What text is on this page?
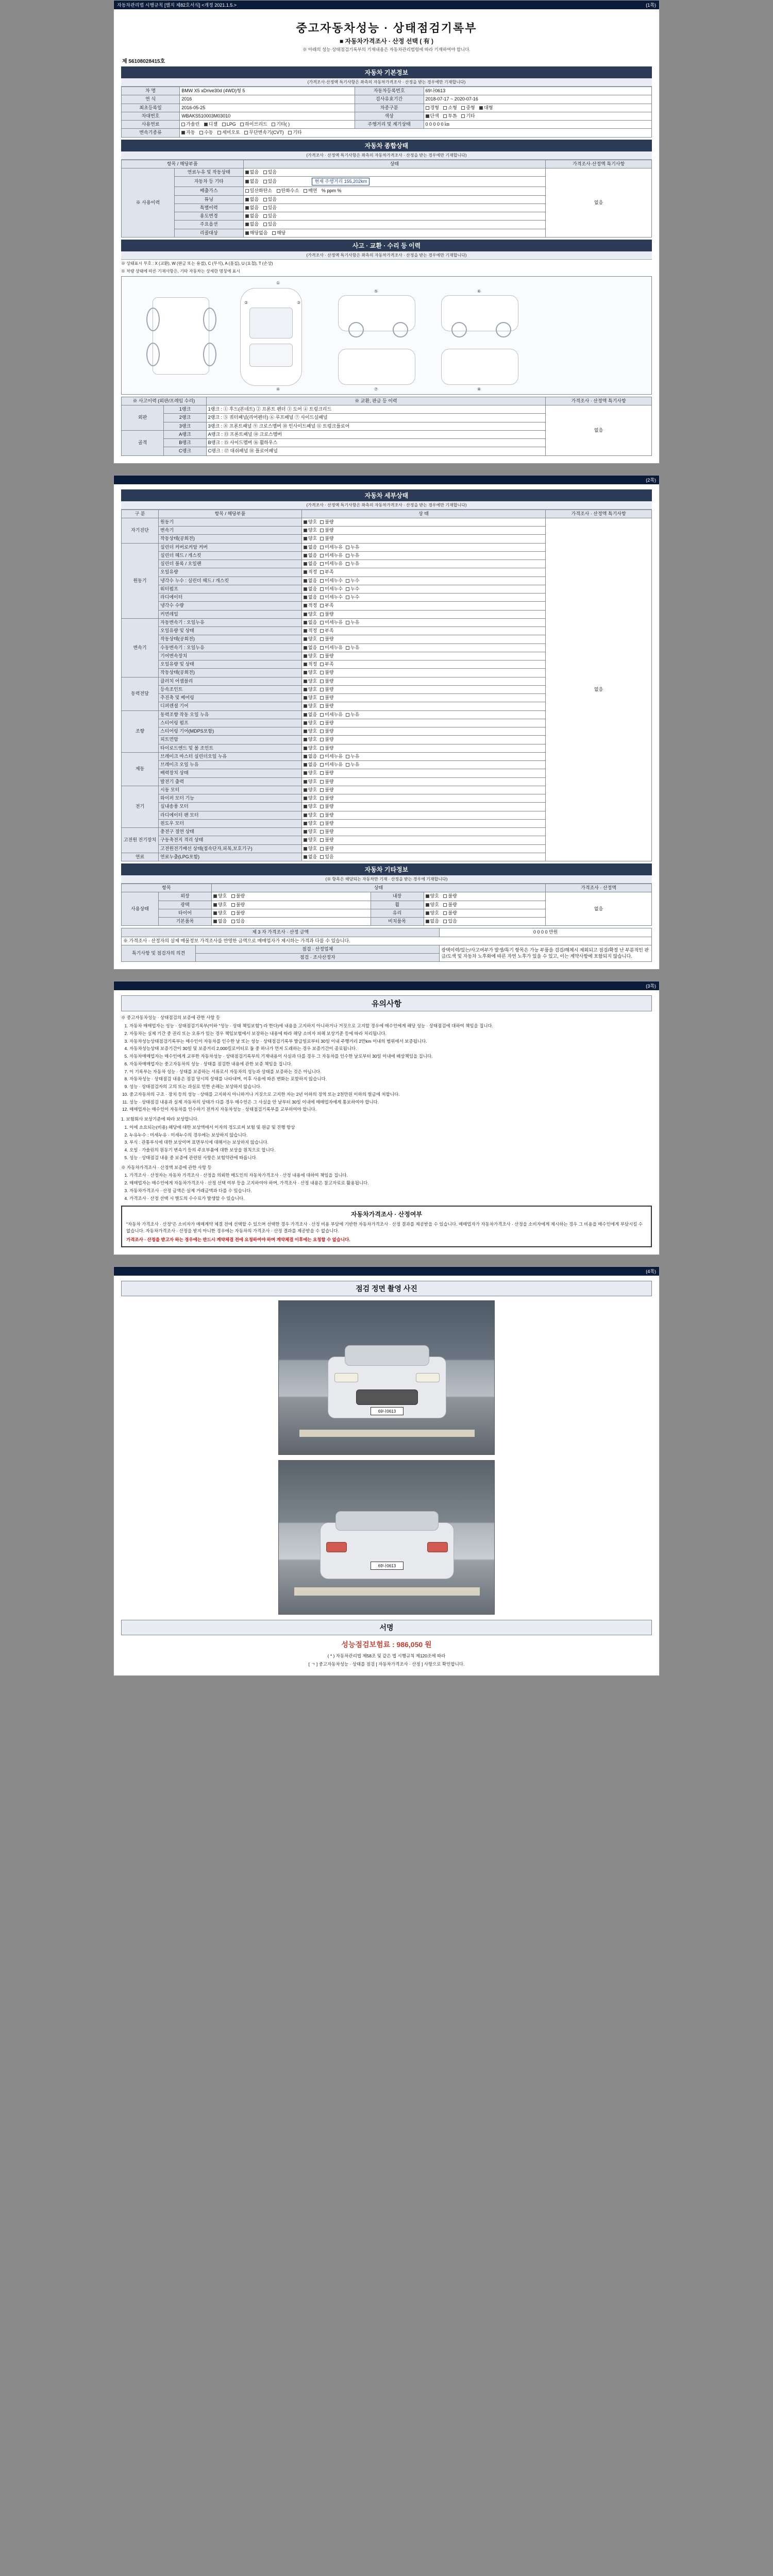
자동차관리법 시행규칙 [별지 제82호서식] <개정 2021.1.5.>	(1쪽)
중고자동차성능 · 상태점검기록부
■ 자동차가격조사 · 산정 선택 ( 有 )
※ 아래의 성능·상태점검기록부의 기재내용은 자동차관리법령에 따라 기재하여야 합니다.
제 56108028415호
자동차 기본정보
(가격조사·산정액 특기사항은 좌측의 자동차가격조사 · 산정을 받는 경우에만 기재합니다)
차 명	BMW X5 xDrive30d (4WD)형 5	자동차등록번호	69나0613
연 식	2016	검사유효기간	2018-07-17 ~ 2020-07-16
최초등록일	2016-05-25	차종구분	경형 소형 중형 대형
차대번호	WBAKS510003M03010	색상	단색 투톤 기타
사용연료	가솔린 디젤 LPG 하이브리드 기타( )	주행거리 및 계기상태	0 0 0 0 0 ㎞
변속기종류	자동 수동 세미오토 무단변속기(CVT) 기타		
자동차 종합상태
(가격조사 · 산정액 특기사항은 좌측의 자동차가격조사 · 산정을 받는 경우에만 기재합니다)
항목 / 해당부품		상태	가격조사·산정액 특기사항
※ 사용이력	연료누유 및 작동상태	없음 있음	없음
	자동차 등 기타	없음 있음 현재 주행거리 155,202km	
	배출가스	일산화탄소 탄화수소 매연 % ppm %	
	튜닝	없음 있음	
	특별이력	없음 있음	
	용도변경	없음 있음	
	주요옵션	없음 있음	
	리콜대상	해당없음 해당	
사고 · 교환 · 수리 등 이력
(가격조사 · 산정액 특기사항은 좌측의 자동차가격조사 · 산정을 받는 경우에만 기재합니다)
※ 상태표시 부호 : X (교환), W (판금 또는 용접), C (부식), A (흠집), U (요철), T (손상)
※ 차량 상태에 따른 기재사항은, 기타 자동차는 상세한 명칭에 표시
①
②	③
④
⑤	⑥
⑦	⑧
※ 사고이력 (외판/프레임 수리)		※ 교환, 판금 등 이력	가격조사 · 산정액 특기사항
외판	1랭크	1랭크 : ① 후드(본네트) ② 프론트 펜더 ③ 도어 ④ 트렁크리드	없음
	2랭크	2랭크 : ⑤ 쿼터패널(리어펜더) ⑥ 루프패널 ⑦ 사이드실패널	
	3랭크	3랭크 : ⑧ 프론트패널 ⑨ 크로스멤버 ⑩ 인사이드패널 ⑪ 트렁크플로어	
골격	A랭크	A랭크 : ⑬ 프론트패널 ⑭ 크로스멤버	
	B랭크	B랭크 : ⑮ 사이드멤버 ⑯ 휠하우스	
	C랭크	C랭크 : ⑰ 대쉬패널 ⑱ 플로어패널	
(2쪽)
자동차 세부상태
(가격조사 · 산정액 특기사항은 좌측의 자동차가격조사 · 산정을 받는 경우에만 기재합니다)
구 분	항목 / 해당부품	상 태	가격조사 · 산정액 특기사항
자기진단	원동기	양호 불량	없음
	변속기	양호 불량	
	작동상태(공회전)	양호 불량	
원동기	실린더 커버로커암 커버	없음 미세누유 누유	
	실린더 헤드 / 개스킷	없음 미세누유 누유	
	실린더 블록 / 오일팬	없음 미세누유 누유	
	오일유량	적정 부족	
	냉각수 누수 : 실린더 헤드 / 개스킷	없음 미세누수 누수	
	워터펌프	없음 미세누수 누수	
	라디에이터	없음 미세누수 누수	
	냉각수 수량	적정 부족	
	커먼레일	양호 불량	
변속기	자동변속기 : 오일누유	없음 미세누유 누유	
	오일유량 및 상태	적정 부족	
	작동상태(공회전)	양호 불량	
	수동변속기 : 오일누유	없음 미세누유 누유	
	기어변속장치	양호 불량	
	오일유량 및 상태	적정 부족	
	작동상태(공회전)	양호 불량	
동력전달	클러치 어셈블리	양호 불량	
	등속조인트	양호 불량	
	추진축 및 베어링	양호 불량	
	디퍼렌셜 기어	양호 불량	
조향	동력조향 작동 오일 누유	없음 미세누유 누유	
	스티어링 펌프	양호 불량	
	스티어링 기어(MDPS포함)	양호 불량	
	피트먼암	양호 불량	
	타이로드엔드 및 볼 조인트	양호 불량	
제동	브레이크 마스터 실린더오일 누유	없음 미세누유 누유	
	브레이크 오일 누유	없음 미세누유 누유	
	배력장치 상태	양호 불량	
	발전기 출력	양호 불량	
전기	시동 모터	양호 불량	
	와이퍼 모터 기능	양호 불량	
	실내송풍 모터	양호 불량	
	라디에이터 팬 모터	양호 불량	
	윈도우 모터	양호 불량	
고전원 전기장치	충전구 절연 상태	양호 불량	
	구동축전지 격리 상태	양호 불량	
	고전원전기배선 상태(접속단자,피복,보호기구)	양호 불량	
연료	연료누출(LPG포함)	없음 있음	
자동차 기타정보
(※ 항목은 해당되는 자동차만 기재 · 산정을 받는 경우에 기재합니다)
항목		상태			가격조사 · 산정액
사용상태	외장	양호 불량	내장	양호 불량	없음
	광택	양호 불량	휠	양호 불량	
	타이어	양호 불량	유리	양호 불량	
	기본품목	없음 있음	비치품목	없음 있음	
제 3 자 가격조사 · 산정 금액		0 0 0 0 만원
※ 가격조사 · 산정자의 실제 매물정보 가격조사를 반영한 금액으로 매매업자가 제시하는 가격과 다를 수 있습니다.		
특기사항 및 점검자의 의견	점검 · 산정업체	광택이력/있는/사고여부가 발생/특기 항목은 가능 부품을 검검/해체시 제외되고 점검/확정 난 부분적인 판금/도색 및 자동차 노후화에 따른 자연 노후가 있을 수 있고, 이는 계약사항에 포함되지 않습니다.
	점검 · 조사산정자	
(3쪽)
유의사항

※ 중고자동차성능 · 상태점검의 보증에 관한 사항 등

1. 자동차 매매업자는 성능 · 상태점검기록부(이하 "성능 · 상태 책임보험") 라 한다)에 내용을 고지하지 아니하거나 거짓으로 고지할 경우에 매수인에게 해당 성능 · 상태점검에 대하여 책임을 집니다.
2. 자동차는 실제 기간 중 권리 또는 오류가 있는 경우 책임보험에서 보장하는 내용에 따라 해당 소비자 피해 보상기준 등에 따라 처리됩니다.
3. 자동차성능상태점검기록부는 매수인이 자동차를 인수한 날 또는 성능 · 상태점검기록부 발급일로부터 30일 이내 주행거리 2만km 이내의 범위에서 보증됩니다.
4. 자동차성능상태 보증기간이 30일 및 보증거리 2,000킬로미터로 둘 중 하나가 먼저 도래하는 경우 보증기간이 종료됩니다.
5. 자동차매매업자는 매수인에게 교부한 자동차성능 · 상태점검기록부의 기재내용이 사실과 다를 경우 그 자동차를 인수한 날로부터 30일 이내에 배상책임을 집니다.
6. 자동차매매업자는 중고자동차의 성능 · 상태를 점검한 내용에 관한 보증 책임을 집니다.
7. 이 기록부는 자동차 성능 · 상태를 보증하는 서류로서 자동차의 성능과 상태를 보증하는 것은 아닙니다.
8. 자동차성능 · 상태점검 내용은 점검 당시의 상태를 나타내며, 이후 사용에 따른 변화는 포함하지 않습니다.
9. 성능 · 상태점검자의 고의 또는 과실로 인한 손해는 보상하지 않습니다.
10. 중고자동차의 구조 · 장치 등의 성능 · 상태를 고지하지 아니하거나 거짓으로 고지한 자는 2년 이하의 징역 또는 2천만원 이하의 벌금에 처합니다.
11. 성능 · 상태점검 내용과 실제 자동차의 상태가 다를 경우 매수인은 그 사실을 안 날부터 30일 이내에 매매업자에게 통보하여야 합니다.
12. 매매업자는 매수인이 자동차를 인수하기 전까지 자동차성능 · 상태점검기록부를 교부하여야 합니다.

1. 보험회사 보상기준에 따라 보상합니다.

1. 이에 소요되는(비용) 해당에 대한 보상액에서 이자의 정도로써 보험 및 원금 및 진행 항상
2. 누유누수 : 미세누유 · 미세누수의 경우에는 보상하지 않습니다.
3. 부식 : 관통부식에 대한 보상이며 표면부식에 대해서는 보상하지 않습니다.
4. 오일 · 가솔린의 원동기 변속기 등의 주요부품에 대한 보상을 원칙으로 합니다.
5. 성능 · 상태점검 내용 중 보증에 관련된 사항은 보험약관에 따릅니다.

※ 자동차가격조사 · 산정액 보증에 관한 사항 등

1. 가격조사 · 산정자는 자동차 가격조사 · 산정을 의뢰한 매도인의 자동차가격조사 · 산정 내용에 대하여 책임을 집니다.
2. 매매업자는 매수인에게 자동차가격조사 · 산정 선택 여부 등을 고지하여야 하며, 가격조사 · 산정 내용은 참고자료로 활용됩니다.
3. 자동차가격조사 · 산정 금액은 실제 거래금액과 다를 수 있습니다.
4. 가격조사 · 산정 선택 시 별도의 수수료가 발생할 수 있습니다.
자동차가격조사 · 산정여부
"자동차 가격조사 · 산정"은 소비자가 매매계약 체결 전에 선택할 수 있으며 선택한 경우 가격조사 · 산정 비용 부담에 기반한 자동차가격조사 · 산정 결과를 제공받을 수 있습니다. 매매업자가 자동차가격조사 · 산정을 소비자에게 제시하는 경우 그 비용을 매수인에게 부담시킬 수 없습니다. 자동차가격조사 · 산정을 받지 아니한 경우에는 자동차의 가격조사 · 산정 결과를 제공받을 수 없습니다.
가격조사 · 산정을 받고자 하는 경우에는 반드시 계약체결 전에 요청하여야 하며 계약체결 이후에는 요청할 수 없습니다.
(4쪽)
점검 정면 촬영 사진
69나0613
69나0613
서명
성능점검보험료 : 986,050 원
( * ) 자동차관리법 제58조 및 같은 법 시행규칙 제120조에 따라
[ ㄱ ] 중고자동차성능 · 상태를 점검 [ 자동차가격조사 · 산정 ] 사항으로 확인합니다.
